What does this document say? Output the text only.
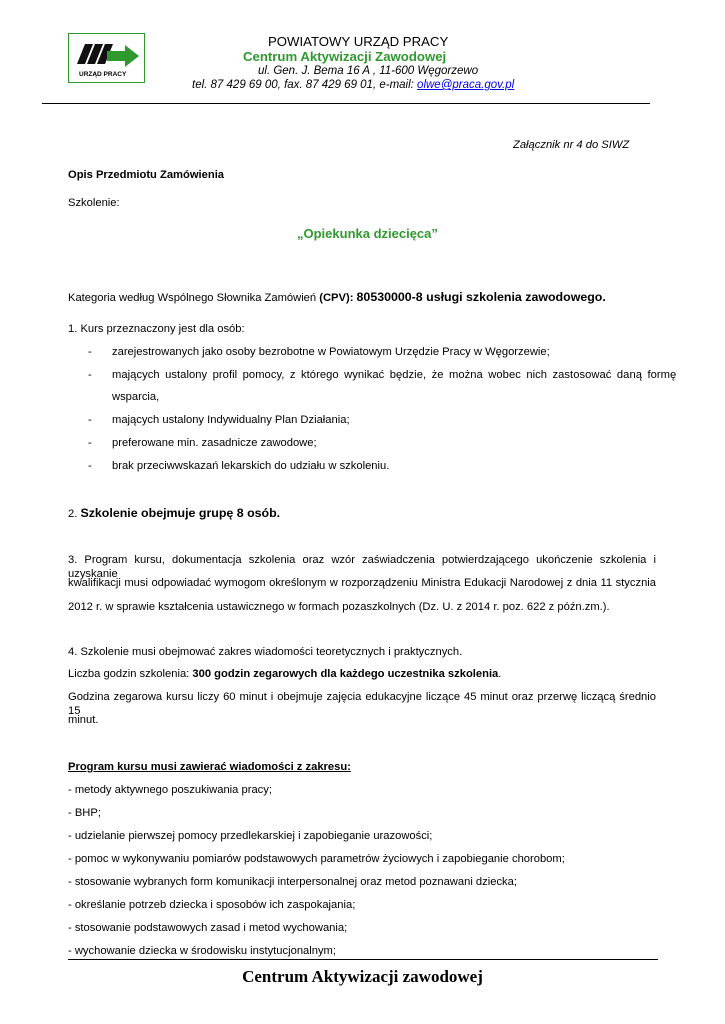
URZĄD PRACY
POWIATOWY URZĄD PRACY
Centrum Aktywizacji Zawodowej
ul. Gen. J. Bema 16 A , 11-600 Węgorzewo
tel. 87 429 69 00, fax. 87 429 69 01, e-mail: olwe@praca.gov.pl
Załącznik nr 4 do SIWZ
Opis Przedmiotu Zamówienia
Szkolenie:
„Opiekunka dziecięca”
Kategoria według Wspólnego Słownika Zamówień (CPV): 80530000-8 usługi szkolenia zawodowego.
1. Kurs przeznaczony jest dla osób:
- zarejestrowanych jako osoby bezrobotne w Powiatowym Urzędzie Pracy w Węgorzewie;
- mających ustalony profil pomocy, z którego wynikać będzie, że można wobec nich zastosować daną formę
wsparcia,
- mających ustalony Indywidualny Plan Działania;
- preferowane min. zasadnicze zawodowe;
- brak przeciwwskazań lekarskich do udziału w szkoleniu.
2. Szkolenie obejmuje grupę 8 osób.
3. Program kursu, dokumentacja szkolenia oraz wzór zaświadczenia potwierdzającego ukończenie szkolenia i uzyskanie
kwalifikacji musi odpowiadać wymogom określonym w rozporządzeniu Ministra Edukacji Narodowej z dnia 11 stycznia
2012 r. w sprawie kształcenia ustawicznego w formach pozaszkolnych (Dz. U. z 2014 r. poz. 622 z późn.zm.).
4. Szkolenie musi obejmować zakres wiadomości teoretycznych i praktycznych.
Liczba godzin szkolenia: 300 godzin zegarowych dla każdego uczestnika szkolenia.
Godzina zegarowa kursu liczy 60 minut i obejmuje zajęcia edukacyjne liczące 45 minut oraz przerwę liczącą średnio 15
minut.
Program kursu musi zawierać wiadomości z zakresu:
- metody aktywnego poszukiwania pracy;
- BHP;
- udzielanie pierwszej pomocy przedlekarskiej i zapobieganie urazowości;
- pomoc w wykonywaniu pomiarów podstawowych parametrów życiowych i zapobieganie chorobom;
- stosowanie wybranych form komunikacji interpersonalnej oraz metod poznawani dziecka;
- określanie potrzeb dziecka i sposobów ich zaspokajania;
- stosowanie podstawowych zasad i metod wychowania;
- wychowanie dziecka w środowisku instytucjonalnym;
Centrum Aktywizacji zawodowej
